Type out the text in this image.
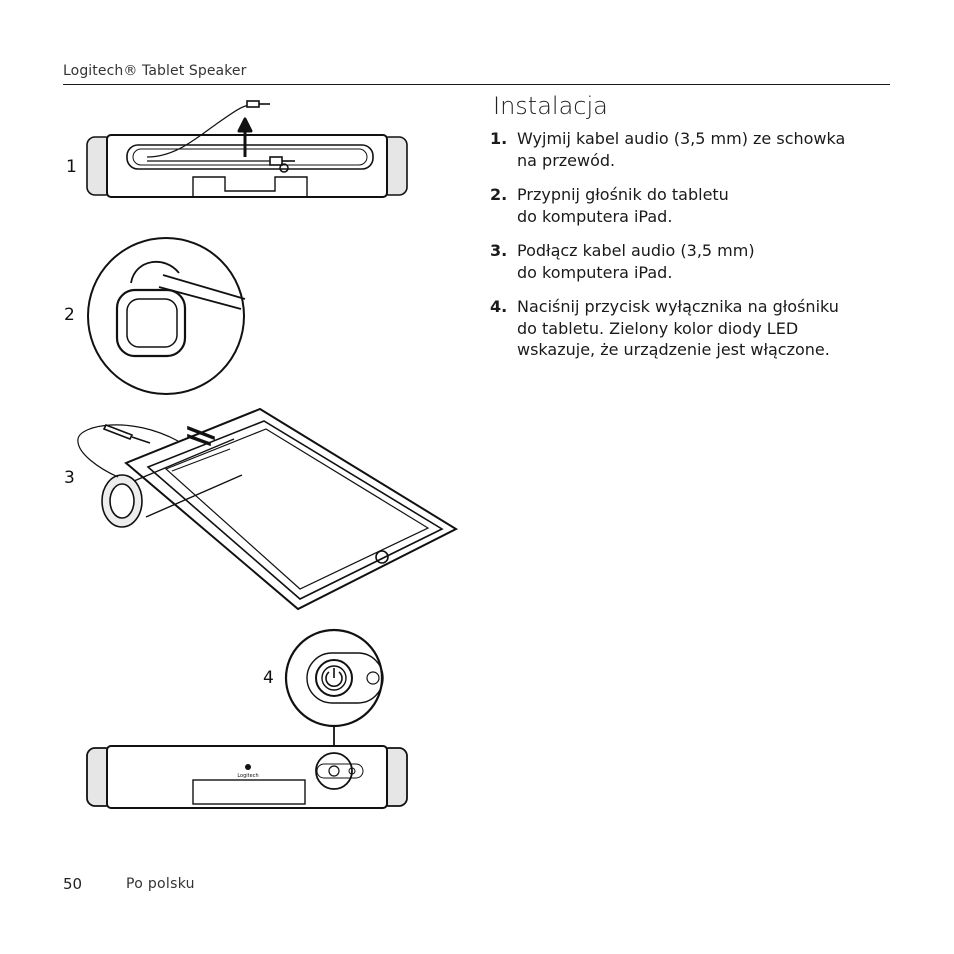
Logitech® Tablet Speaker
Instalacja
1. Wyjmij kabel audio (3,5 mm) ze schowka
na przewód.
2. Przypnij głośnik do tabletu
do komputera iPad.
3. Podłącz kabel audio (3,5 mm)
do komputera iPad.
4. Naciśnij przycisk wyłącznika na głośniku
do tabletu. Zielony kolor diody LED
wskazuje, że urządzenie jest włączone.
1
2
3
4
Logitech
50	Po polsku
